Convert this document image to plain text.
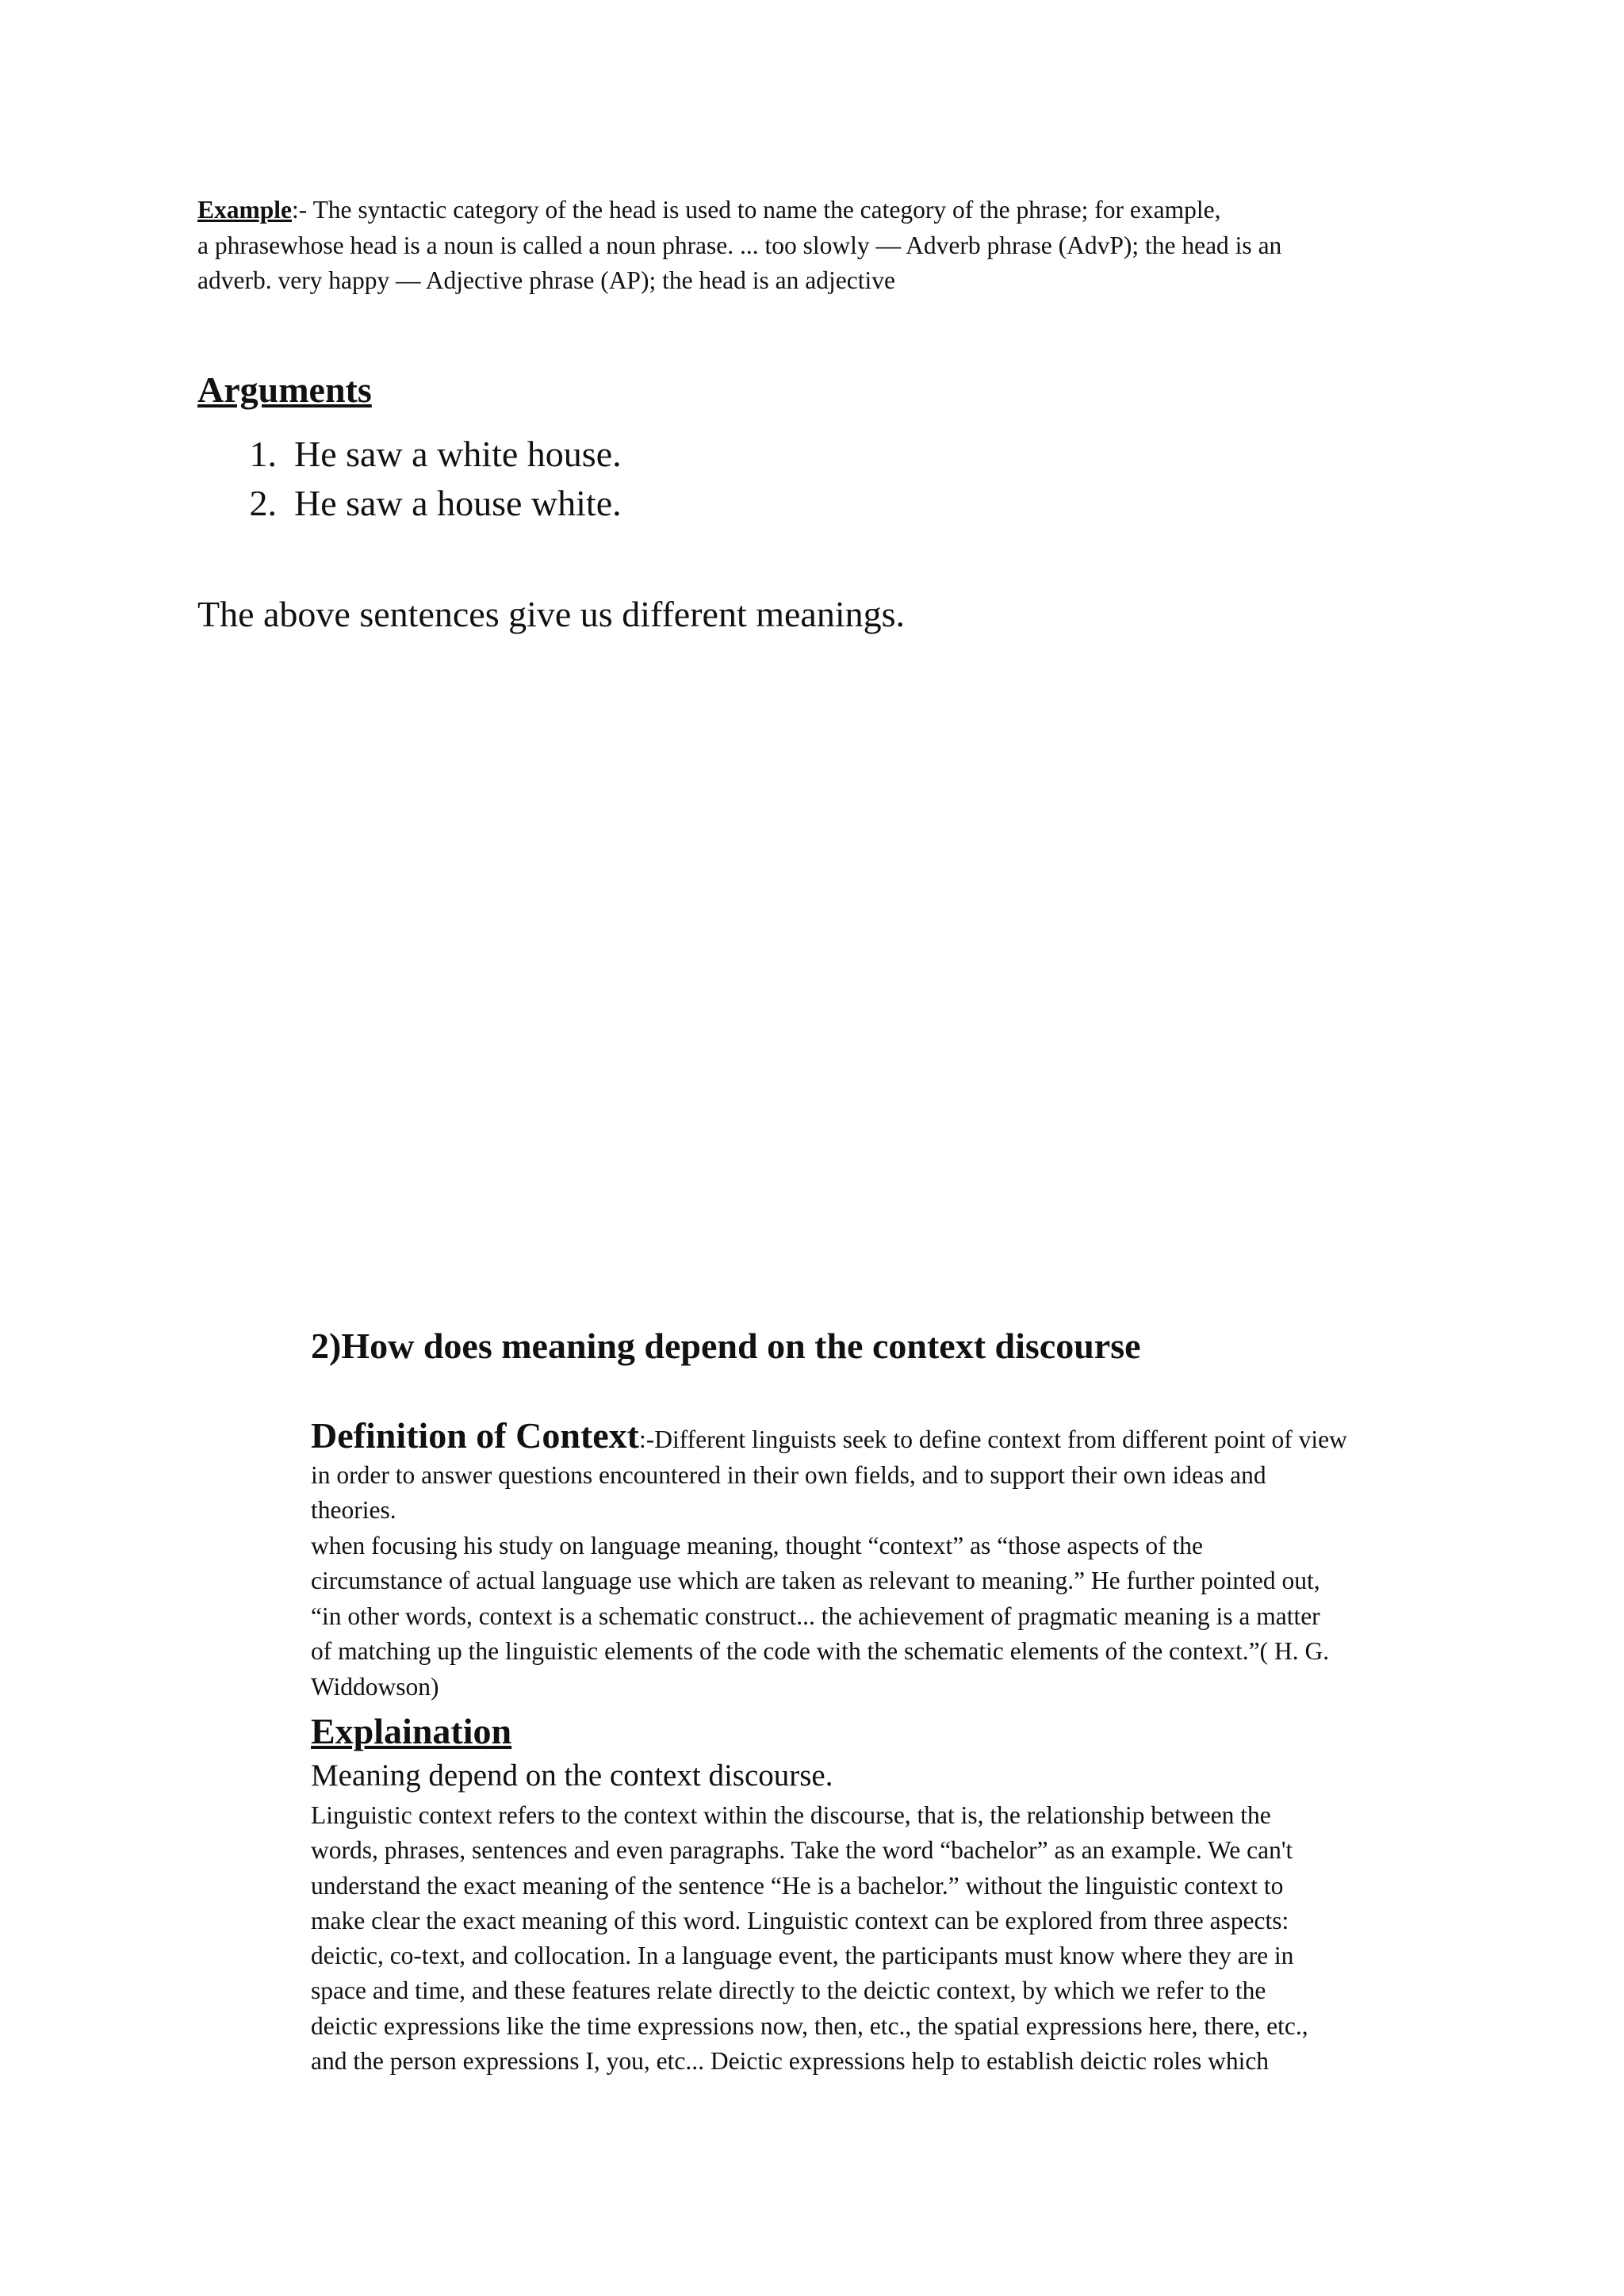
Example:- The syntactic category of the head is used to name the category of the phrase; for example,
a phrasewhose head is a noun is called a noun phrase. ... too slowly — Adverb phrase (AdvP); the head is an
adverb. very happy — Adjective phrase (AP); the head is an adjective

Arguments
1. He saw a white house.
2. He saw a house white.

The above sentences give us different meanings.

2)How does meaning depend on the context discourse
Definition of Context:-Different linguists seek to define context from different point of view
in order to answer questions encountered in their own fields, and to support their own ideas and
theories.
when focusing his study on language meaning, thought “context” as “those aspects of the
circumstance of actual language use which are taken as relevant to meaning.” He further pointed out,
“in other words, context is a schematic construct... the achievement of pragmatic meaning is a matter
of matching up the linguistic elements of the code with the schematic elements of the context.”( H. G.
Widdowson)
Explaination

Meaning depend on the context discourse.

Linguistic context refers to the context within the discourse, that is, the relationship between the
words, phrases, sentences and even paragraphs. Take the word “bachelor” as an example. We can't
understand the exact meaning of the sentence “He is a bachelor.” without the linguistic context to
make clear the exact meaning of this word. Linguistic context can be explored from three aspects:
deictic, co-text, and collocation. In a language event, the participants must know where they are in
space and time, and these features relate directly to the deictic context, by which we refer to the
deictic expressions like the time expressions now, then, etc., the spatial expressions here, there, etc.,
and the person expressions I, you, etc... Deictic expressions help to establish deictic roles which
